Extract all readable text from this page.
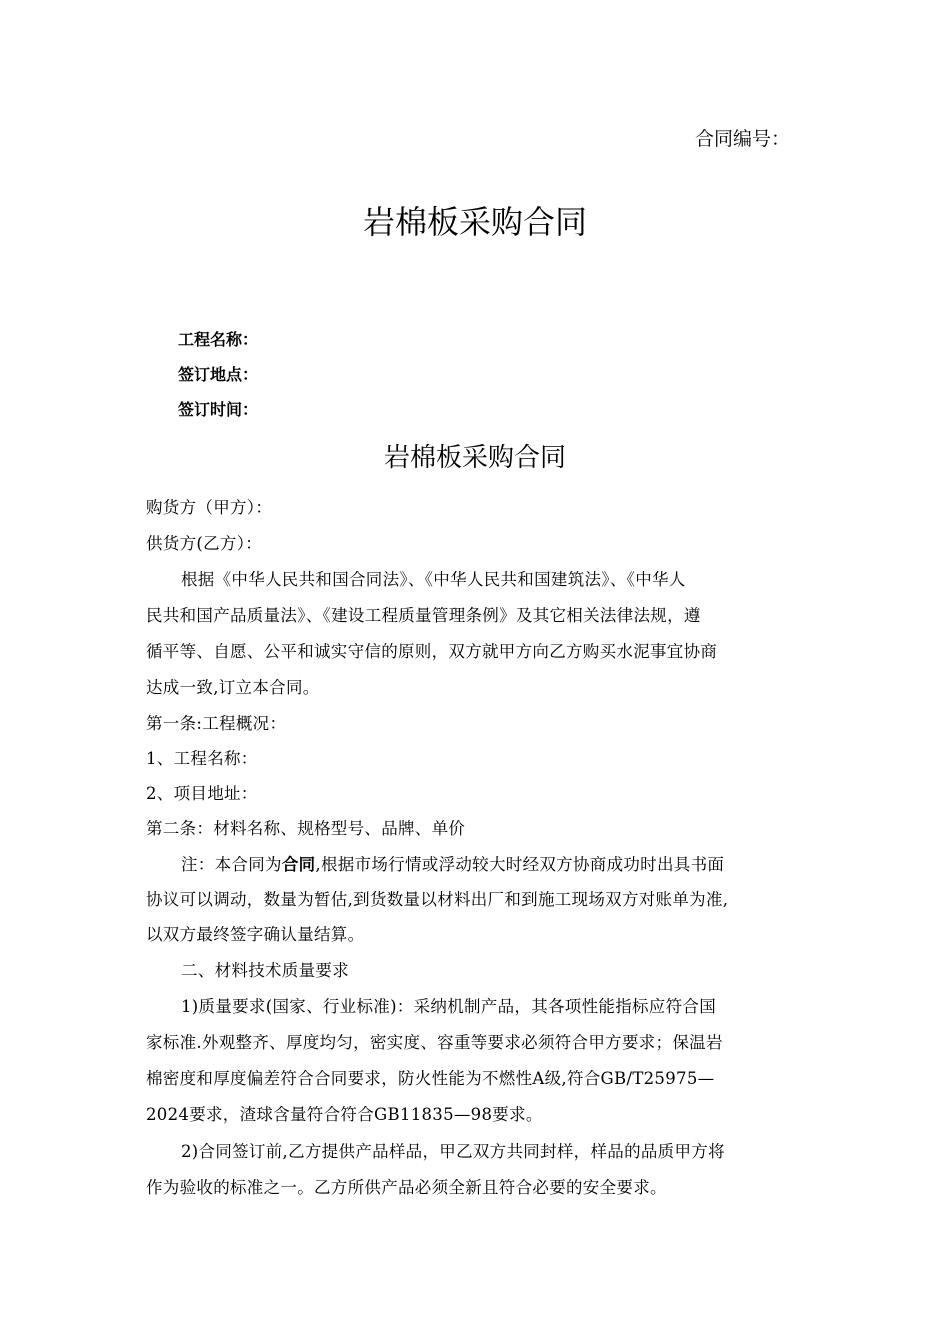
合同编号：
岩棉板采购合同
工程名称：
签订地点：
签订时间：
岩棉板采购合同
购货方（甲方）：
供货方(乙方）：
根据《中华人民共和国合同法》、《中华人民共和国建筑法》、《中华人
民共和国产品质量法》、《建设工程质量管理条例》及其它相关法律法规，遵
循平等、自愿、公平和诚实守信的原则，双方就甲方向乙方购买水泥事宜协商
达成一致,订立本合同。
第一条:工程概况：
1、工程名称：
2、项目地址：
第二条：材料名称、规格型号、品牌、单价
注：本合同为合同,根据市场行情或浮动较大时经双方协商成功时出具书面
协议可以调动，数量为暂估,到货数量以材料出厂和到施工现场双方对账单为准,
以双方最终签字确认量结算。
二、材料技术质量要求
1)质量要求(国家、行业标准)：采纳机制产品，其各项性能指标应符合国
家标准.外观整齐、厚度均匀，密实度、容重等要求必须符合甲方要求；保温岩
棉密度和厚度偏差符合合同要求，防火性能为不燃性A级,符合GB/T25975—
2024要求，渣球含量符合符合GB11835—98要求。
2)合同签订前,乙方提供产品样品，甲乙双方共同封样，样品的品质甲方将
作为验收的标准之一。乙方所供产品必须全新且符合必要的安全要求。
